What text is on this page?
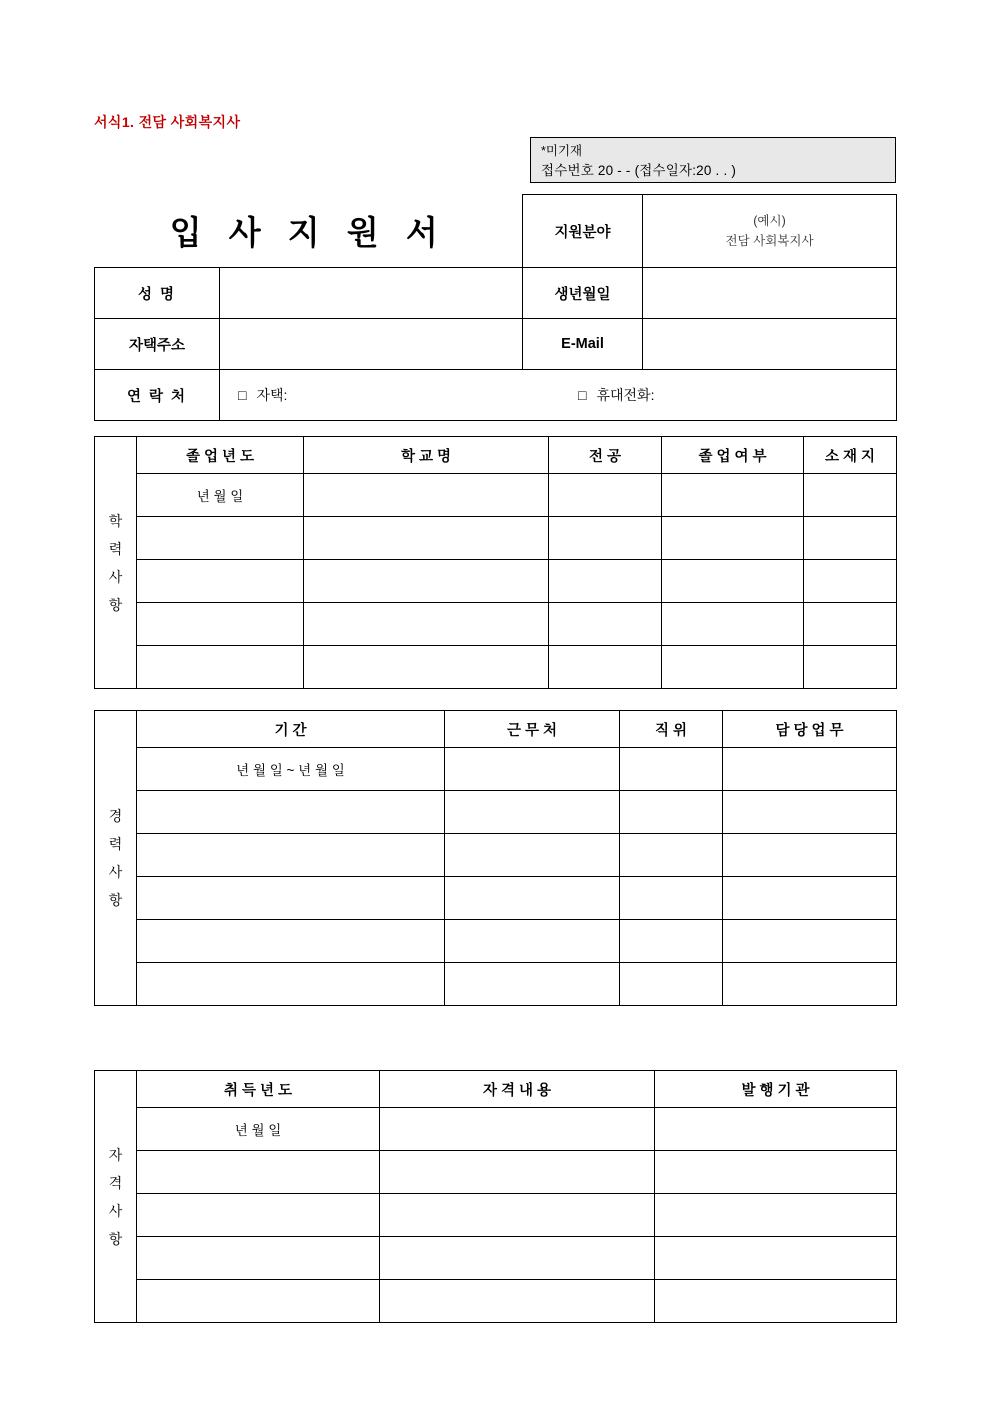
서식1. 전담 사회복지사
*미기재
접수번호 20 - - (접수일자:20 . . )
입 사 지 원 서		지원분야	(예시)
전담 사회복지사

성 명		생년월일	
자택주소		E-Mail	
연 락 처	□ 자택: □ 휴대전화:		
학
력
사
항	졸 업 년 도	학 교 명	전 공	졸 업 여 부	소 재 지
	년 월 일				

경
력
사
항	기 간	근 무 처	직 위	담 당 업 무
	년 월 일 ~ 년 월 일			

자
격
사
항	취 득 년 도	자 격 내 용	발 행 기 관
	년 월 일		
